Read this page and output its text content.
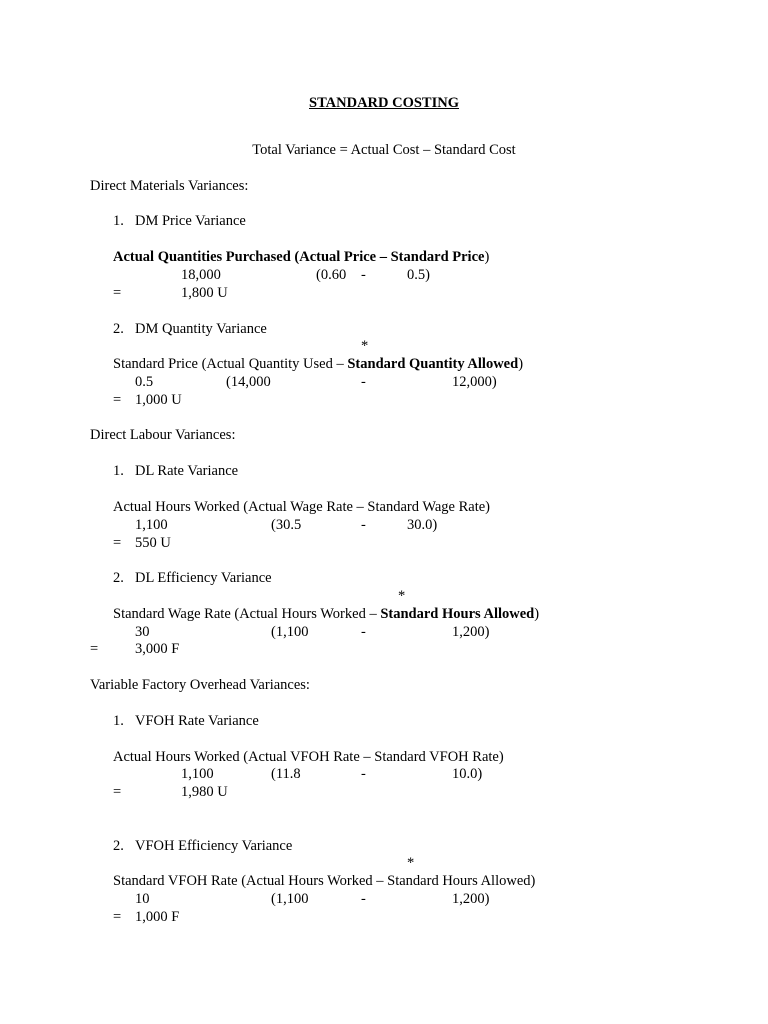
STANDARD COSTING
Total Variance = Actual Cost – Standard Cost
Direct Materials Variances:
1. DM Price Variance
Actual Quantities Purchased (Actual Price – Standard Price)
18,000	(0.60 -	0.5)
=	1,800 U
2. DM Quantity Variance
*
Standard Price (Actual Quantity Used – Standard Quantity Allowed)
0.5	(14,000	-	12,000)
= 1,000 U
Direct Labour Variances:
1. DL Rate Variance
Actual Hours Worked (Actual Wage Rate – Standard Wage Rate)
1,100	(30.5	-	30.0)
= 550 U
2. DL Efficiency Variance
*
Standard Wage Rate (Actual Hours Worked – Standard Hours Allowed)
30	(1,100	-	1,200)
=	3,000 F
Variable Factory Overhead Variances:
1. VFOH Rate Variance
Actual Hours Worked (Actual VFOH Rate – Standard VFOH Rate)
1,100	(11.8	-	10.0)
=	1,980 U
2. VFOH Efficiency Variance
*
Standard VFOH Rate (Actual Hours Worked – Standard Hours Allowed)
10	(1,100	-	1,200)
= 1,000 F
